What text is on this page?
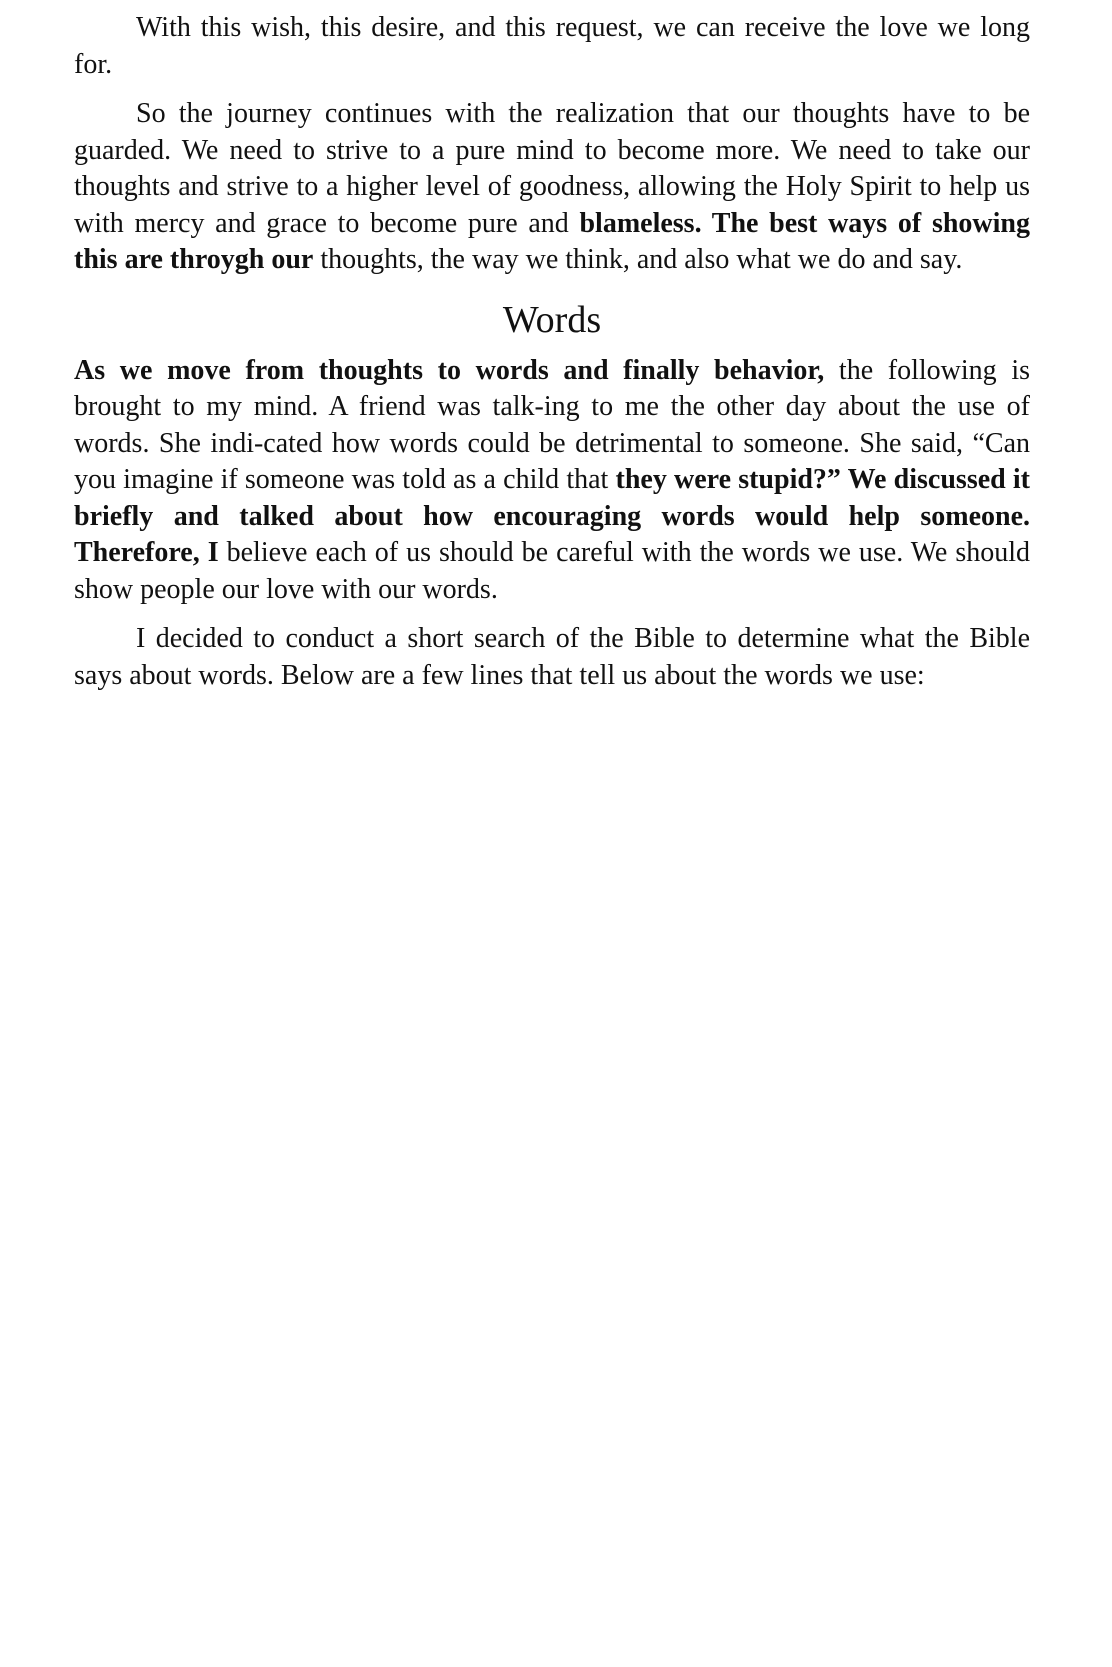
With this wish, this desire, and this request, we can receive the love we long for.

So the journey continues with the realization that our thoughts have to be guarded. We need to strive to a pure mind to become more. We need to take our thoughts and strive to a higher level of goodness, allowing the Holy Spirit to help us with mercy and grace to become pure and blameless. The best ways of showing this are throygh our thoughts, the way we think, and also what we do and say.

Words

As we move from thoughts to words and finally behavior, the following is brought to my mind. A friend was talk-ing to me the other day about the use of words. She indi-cated how words could be detrimental to someone. She said, “Can you imagine if someone was told as a child that they were stupid?” We discussed it briefly and talked about how encouraging words would help someone. Therefore, I believe each of us should be careful with the words we use. We should show people our love with our words.

I decided to conduct a short search of the Bible to determine what the Bible says about words. Below are a few lines that tell us about the words we use:
